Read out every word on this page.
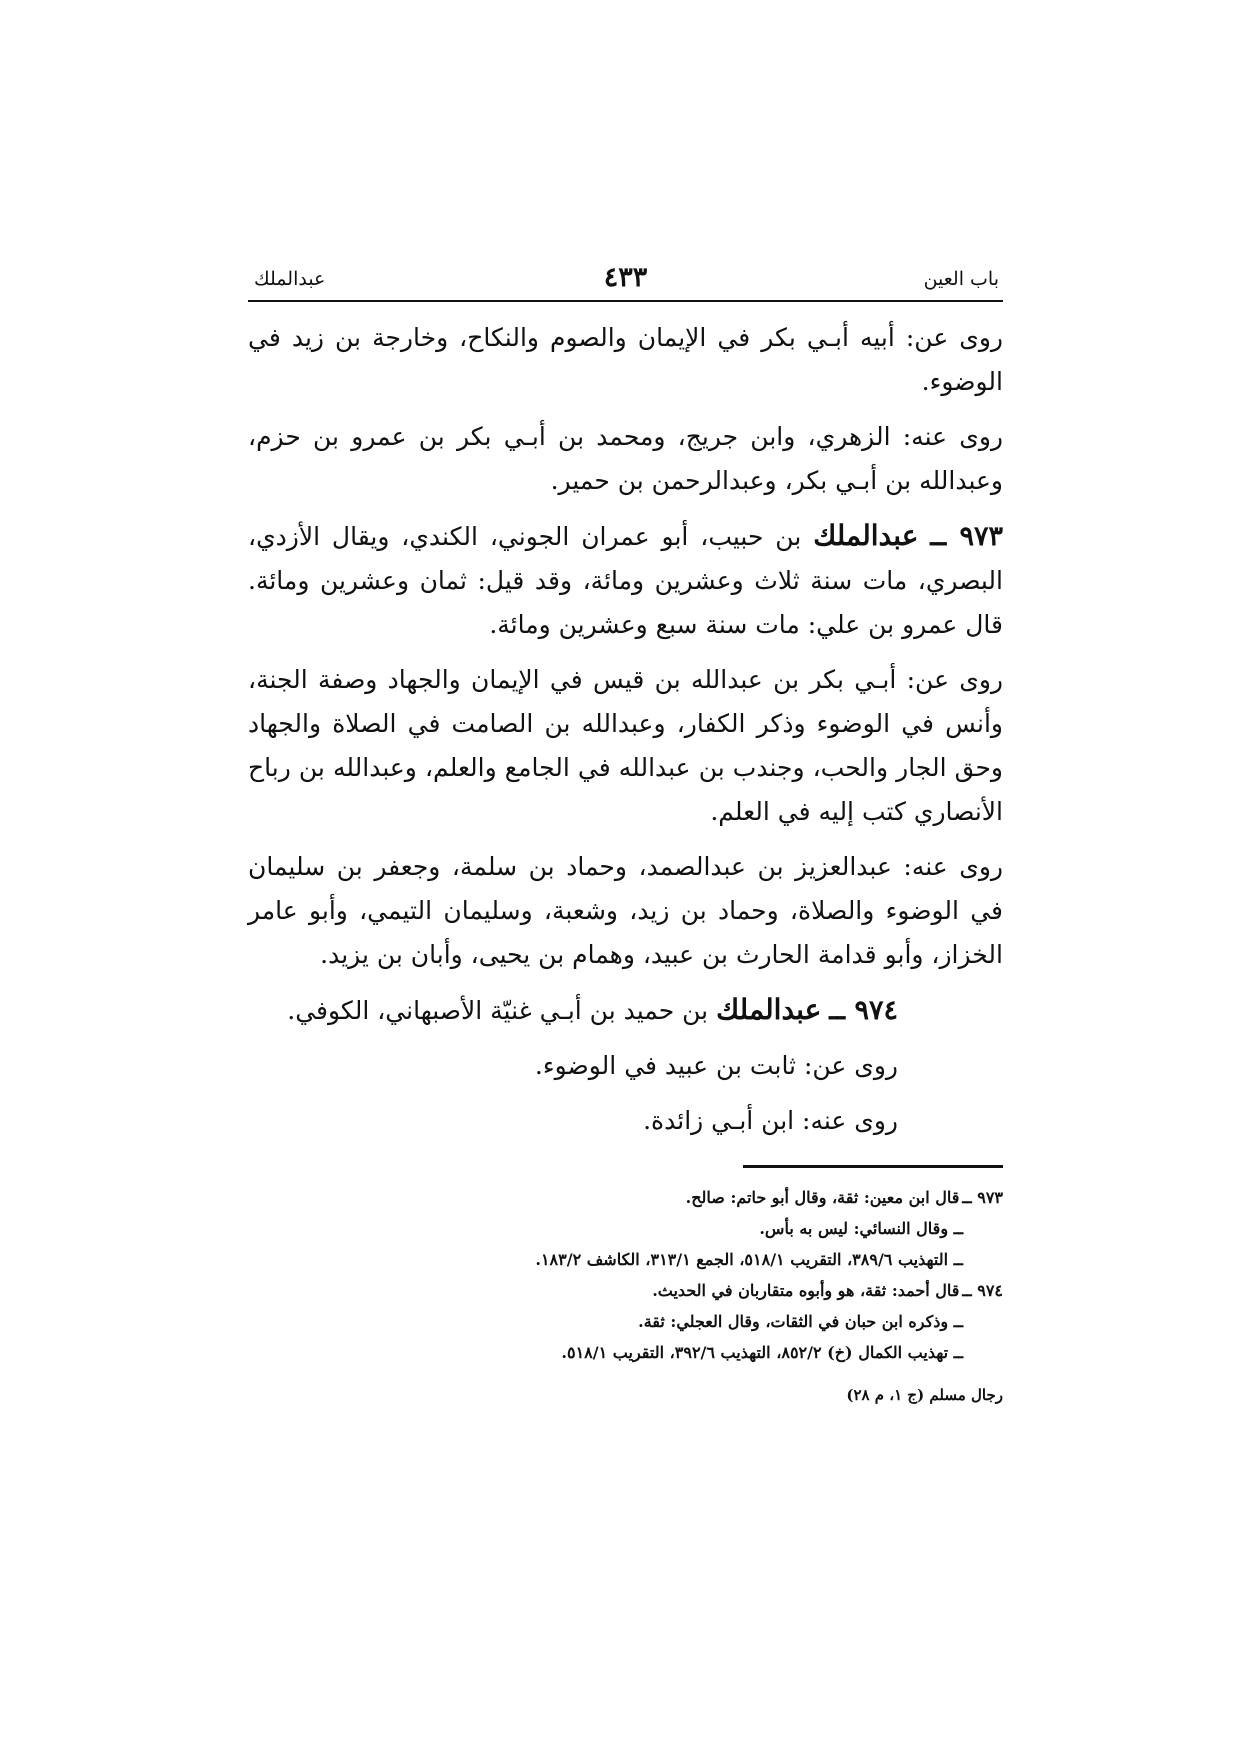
باب العين
٤٣٣
عبدالملك

روى عن: أبيه أبـي بكر في الإيمان والصوم والنكاح، وخارجة بن زيد في الوضوء.

روى عنه: الزهري، وابن جريج، ومحمد بن أبـي بكر بن عمرو بن حزم، وعبدالله بن أبـي بكر، وعبدالرحمن بن حمير.

٩٧٣ ــ عبدالملك بن حبيب، أبو عمران الجوني، الكندي، ويقال الأزدي، البصري، مات سنة ثلاث وعشرين ومائة، وقد قيل: ثمان وعشرين ومائة. قال عمرو بن علي: مات سنة سبع وعشرين ومائة.

روى عن: أبـي بكر بن عبدالله بن قيس في الإيمان والجهاد وصفة الجنة، وأنس في الوضوء وذكر الكفار، وعبدالله بن الصامت في الصلاة والجهاد وحق الجار والحب، وجندب بن عبدالله في الجامع والعلم، وعبدالله بن رباح الأنصاري كتب إليه في العلم.

روى عنه: عبدالعزيز بن عبدالصمد، وحماد بن سلمة، وجعفر بن سليمان في الوضوء والصلاة، وحماد بن زيد، وشعبة، وسليمان التيمي، وأبو عامر الخزاز، وأبو قدامة الحارث بن عبيد، وهمام بن يحيى، وأبان بن يزيد.

٩٧٤ ــ عبدالملك بن حميد بن أبـي غنيّة الأصبهاني، الكوفي.

روى عن: ثابت بن عبيد في الوضوء.

روى عنه: ابن أبـي زائدة.

٩٧٣ ــ قال ابن معين: ثقة، وقال أبو حاتم: صالح.

ــ وقال النسائي: ليس به بأس.

ــ التهذيب ٣٨٩/٦، التقريب ٥١٨/١، الجمع ٣١٣/١، الكاشف ١٨٣/٢.

٩٧٤ ــ قال أحمد: ثقة، هو وأبوه متقاربان في الحديث.

ــ وذكره ابن حبان في الثقات، وقال العجلي: ثقة.

ــ تهذيب الكمال (خ) ٨٥٢/٢، التهذيب ٣٩٢/٦، التقريب ٥١٨/١.

رجال مسلم (ج ١، م ٢٨)
